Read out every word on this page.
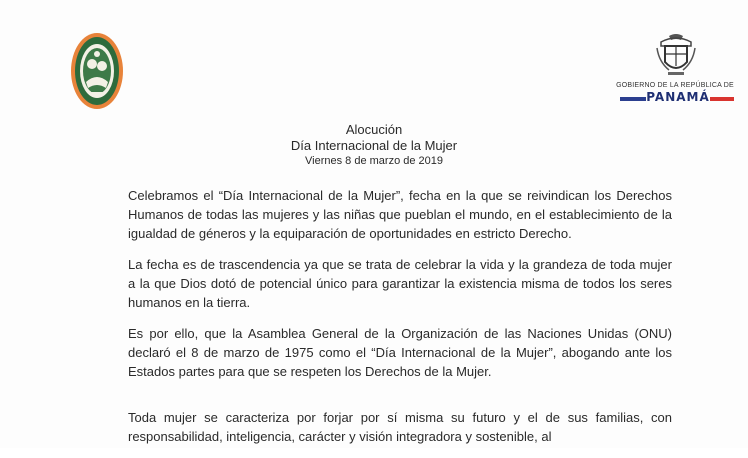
GOBIERNO DE LA REPÚBLICA DE
PANAMÁ
Alocución
Día Internacional de la Mujer
Viernes 8 de marzo de 2019

Celebramos el “Día Internacional de la Mujer”, fecha en la que se reivindican los Derechos Humanos de todas las mujeres y las niñas que pueblan el mundo, en el establecimiento de la igualdad de géneros y la equiparación de oportunidades en estricto Derecho.

La fecha es de trascendencia ya que se trata de celebrar la vida y la grandeza de toda mujer a la que Dios dotó de potencial único para garantizar la existencia misma de todos los seres humanos en la tierra.

Es por ello, que la Asamblea General de la Organización de las Naciones Unidas (ONU) declaró el 8 de marzo de 1975 como el “Día Internacional de la Mujer”, abogando ante los Estados partes para que se respeten los Derechos de la Mujer.

Toda mujer se caracteriza por forjar por sí misma su futuro y el de sus familias, con responsabilidad, inteligencia, carácter y visión integradora y sostenible, al
